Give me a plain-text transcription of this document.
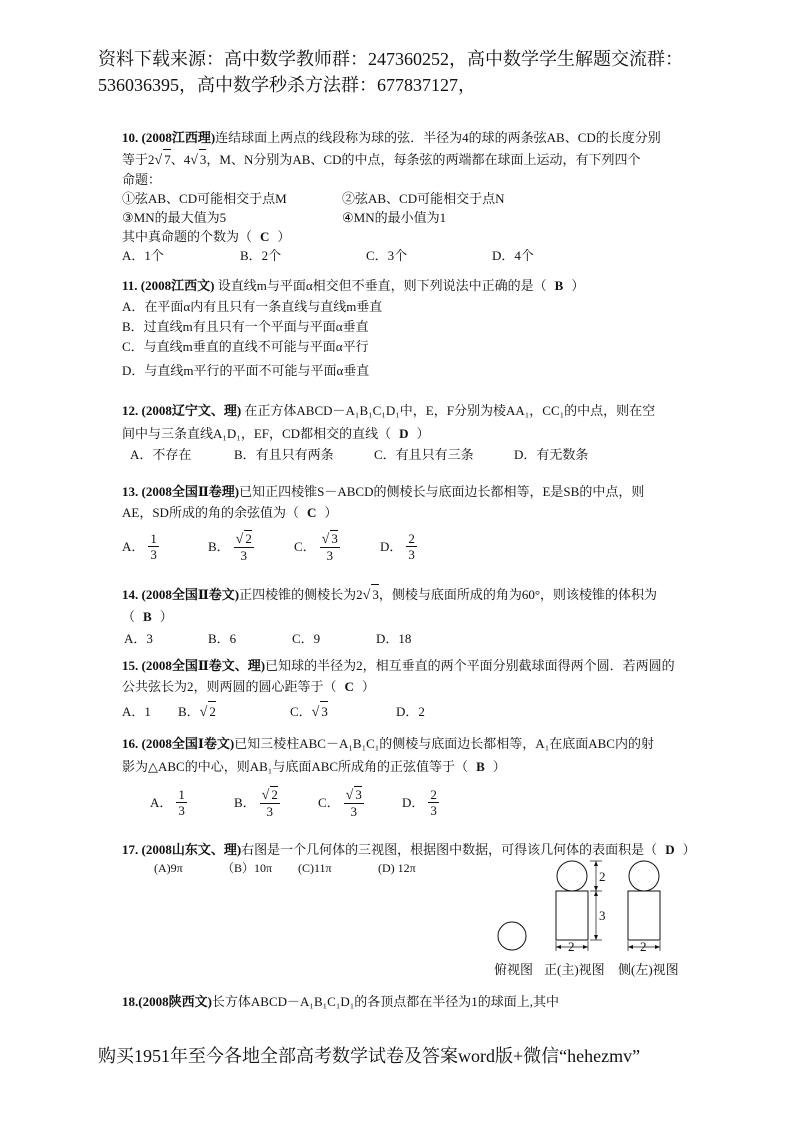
资料下载来源：高中数学教师群：247360252，高中数学学生解题交流群：
536036395，高中数学秒杀方法群：677837127，
10. (2008江西理)连结球面上两点的线段称为球的弦．半径为4的球的两条弦AB、CD的长度分别
等于2√ 7、4√ 3，M、N分别为AB、CD的中点，每条弦的两端都在球面上运动，有下列四个
命题：
①弦AB、CD可能相交于点M	②弦AB、CD可能相交于点N
③MN的最大值为5	④MN的最小值为1
其中真命题的个数为（ C ）
A．1个	B．2个	C．3个	D．4个
11. (2008江西文) 设直线m与平面α相交但不垂直，则下列说法中正确的是（ B ）
A．在平面α内有且只有一条直线与直线m垂直
B．过直线m有且只有一个平面与平面α垂直
C．与直线m垂直的直线不可能与平面α平行
D．与直线m平行的平面不可能与平面α垂直
12. (2008辽宁文、理) 在正方体ABCD－A₁B₁C₁D₁中，E，F分别为棱AA₁，CC₁的中点，则在空
间中与三条直线A₁D₁，EF，CD都相交的直线（ D ）
A．不存在	B．有且只有两条	C．有且只有三条	D．有无数条
13. (2008全国Ⅱ卷理)已知正四棱锥S－ABCD的侧棱长与底面边长都相等，E是SB的中点，则
AE，SD所成的角的余弦值为（ C ）
A． $\frac{1}{3}$	B． $\frac{√ 2}{3}$	C． $\frac{√ 3}{3}$	D． $\frac{2}{3}$
14. (2008全国Ⅱ卷文)正四棱锥的侧棱长为2√ 3，侧棱与底面所成的角为60°，则该棱锥的体积为
（ B ）
A．3	B．6	C．9	D．18
15. (2008全国Ⅱ卷文、理)已知球的半径为2，相互垂直的两个平面分别截球面得两个圆．若两圆的
公共弦长为2，则两圆的圆心距等于（ C ）
A．1 B．√ 2	C．√ 3	D．2
16. (2008全国Ⅰ卷文)已知三棱柱ABC－A₁B₁C₁的侧棱与底面边长都相等，A₁在底面ABC内的射
影为△ABC的中心，则AB₁与底面ABC所成角的正弦值等于（ B ）
A． $\frac{1}{3}$	B． $\frac{√ 2}{3}$	C． $\frac{√ 3}{3}$	D． $\frac{2}{3}$
17. (2008山东文、理)右图是一个几何体的三视图，根据图中数据，可得该几何体的表面积是（ D ）
(A)9π	（B）10π (C)11π	(D) 12π
2
3
2	2
俯视图 正(主)视图 侧(左)视图
18.(2008陕西文)长方体ABCD－A₁B₁C₁D₁的各顶点都在半径为1的球面上,其中
购买1951年至今各地全部高考数学试卷及答案word版+微信“hehezmv”
